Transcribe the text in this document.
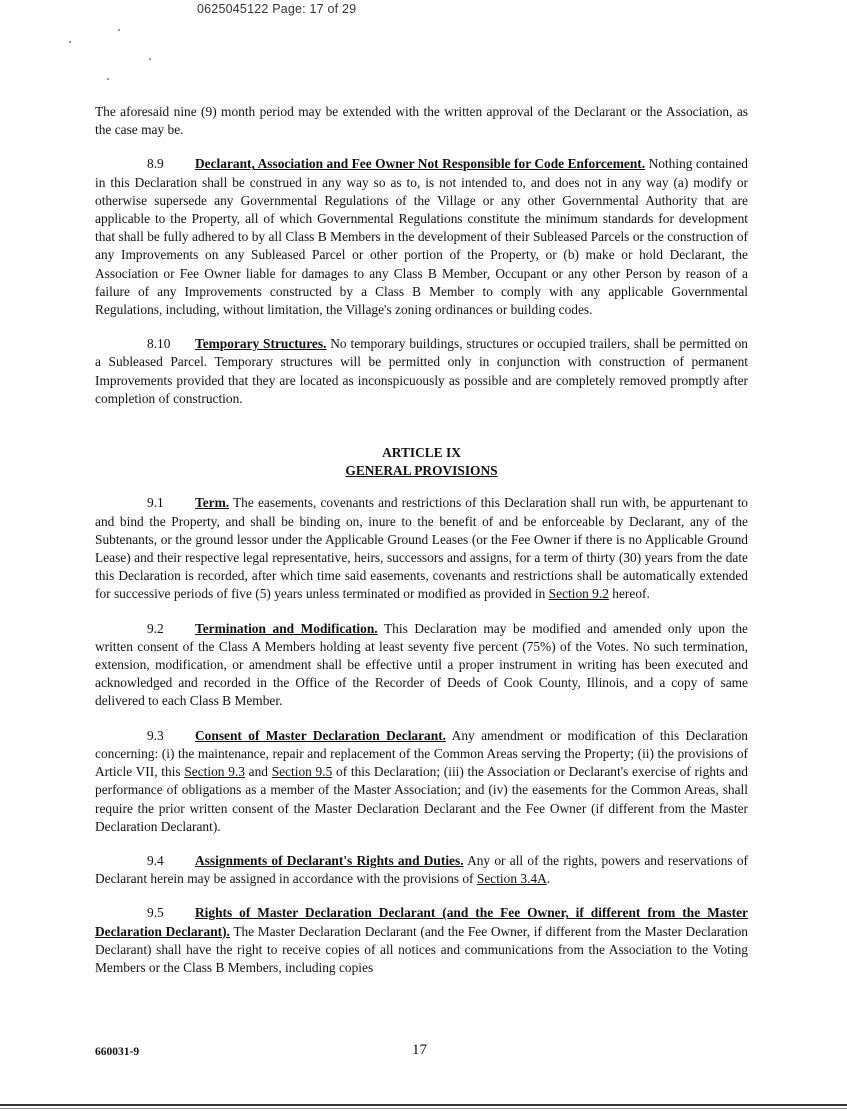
0625045122 Page: 17 of 29

The aforesaid nine (9) month period may be extended with the written approval of the Declarant or the Association, as the case may be.

8.9 Declarant, Association and Fee Owner Not Responsible for Code Enforcement. Nothing contained in this Declaration shall be construed in any way so as to, is not intended to, and does not in any way (a) modify or otherwise supersede any Governmental Regulations of the Village or any other Governmental Authority that are applicable to the Property, all of which Governmental Regulations constitute the minimum standards for development that shall be fully adhered to by all Class B Members in the development of their Subleased Parcels or the construction of any Improvements on any Subleased Parcel or other portion of the Property, or (b) make or hold Declarant, the Association or Fee Owner liable for damages to any Class B Member, Occupant or any other Person by reason of a failure of any Improvements constructed by a Class B Member to comply with any applicable Governmental Regulations, including, without limitation, the Village's zoning ordinances or building codes.

8.10 Temporary Structures. No temporary buildings, structures or occupied trailers, shall be permitted on a Subleased Parcel. Temporary structures will be permitted only in conjunction with construction of permanent Improvements provided that they are located as inconspicuously as possible and are completely removed promptly after completion of construction.

ARTICLE IX
GENERAL PROVISIONS

9.1 Term. The easements, covenants and restrictions of this Declaration shall run with, be appurtenant to and bind the Property, and shall be binding on, inure to the benefit of and be enforceable by Declarant, any of the Subtenants, or the ground lessor under the Applicable Ground Leases (or the Fee Owner if there is no Applicable Ground Lease) and their respective legal representative, heirs, successors and assigns, for a term of thirty (30) years from the date this Declaration is recorded, after which time said easements, covenants and restrictions shall be automatically extended for successive periods of five (5) years unless terminated or modified as provided in Section 9.2 hereof.

9.2 Termination and Modification. This Declaration may be modified and amended only upon the written consent of the Class A Members holding at least seventy five percent (75%) of the Votes. No such termination, extension, modification, or amendment shall be effective until a proper instrument in writing has been executed and acknowledged and recorded in the Office of the Recorder of Deeds of Cook County, Illinois, and a copy of same delivered to each Class B Member.

9.3 Consent of Master Declaration Declarant. Any amendment or modification of this Declaration concerning: (i) the maintenance, repair and replacement of the Common Areas serving the Property; (ii) the provisions of Article VII, this Section 9.3 and Section 9.5 of this Declaration; (iii) the Association or Declarant's exercise of rights and performance of obligations as a member of the Master Association; and (iv) the easements for the Common Areas, shall require the prior written consent of the Master Declaration Declarant and the Fee Owner (if different from the Master Declaration Declarant).

9.4 Assignments of Declarant's Rights and Duties. Any or all of the rights, powers and reservations of Declarant herein may be assigned in accordance with the provisions of Section 3.4A.

9.5 Rights of Master Declaration Declarant (and the Fee Owner, if different from the Master Declaration Declarant). The Master Declaration Declarant (and the Fee Owner, if different from the Master Declaration Declarant) shall have the right to receive copies of all notices and communications from the Association to the Voting Members or the Class B Members, including copies

660031-9	17
